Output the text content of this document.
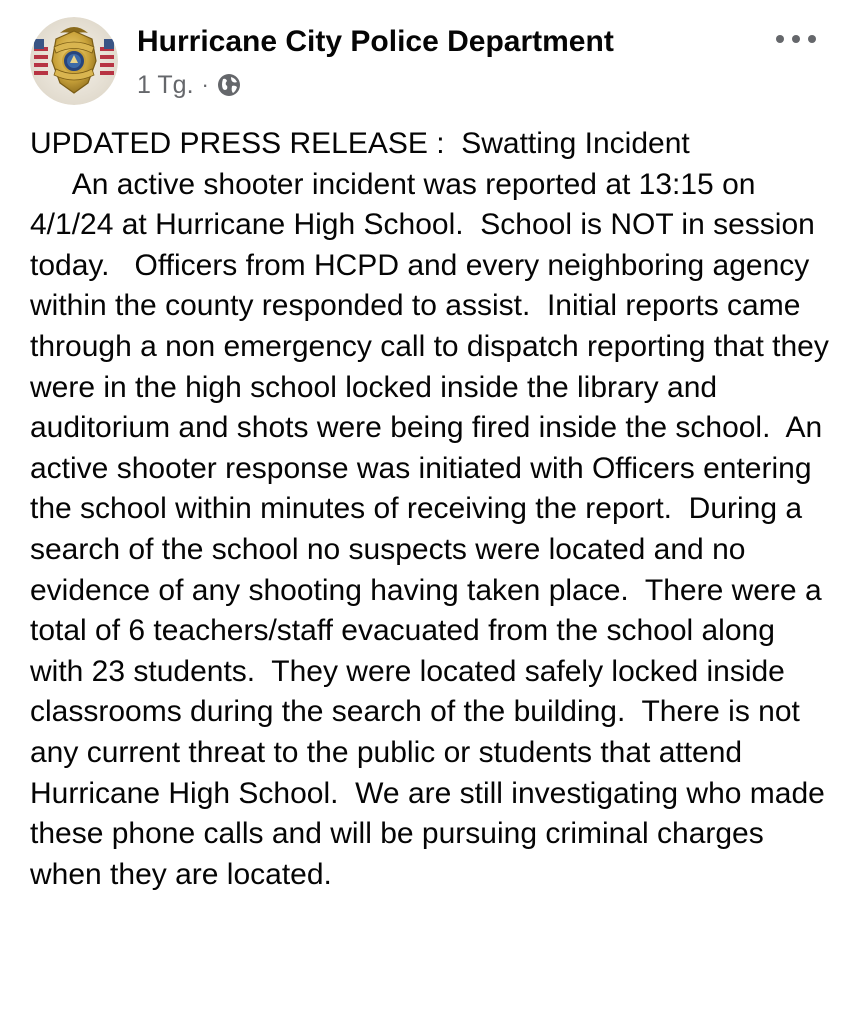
Hurricane City Police Department
1 Tg. ·

UPDATED PRESS RELEASE :  Swatting Incident

An active shooter incident was reported at 13:15 on 4/1/24 at Hurricane High School.  School is NOT in session today.   Officers from HCPD and every neighboring agency within the county responded to assist.  Initial reports came through a non emergency call to dispatch reporting that they were in the high school locked inside the library and auditorium and shots were being fired inside the school.  An active shooter response was initiated with Officers entering the school within minutes of receiving the report.  During a search of the school no suspects were located and no evidence of any shooting having taken place.  There were a total of 6 teachers/staff evacuated from the school along with 23 students.  They were located safely locked inside classrooms during the search of the building.  There is not any current threat to the public or students that attend Hurricane High School.  We are still investigating who made these phone calls and will be pursuing criminal charges when they are located.
